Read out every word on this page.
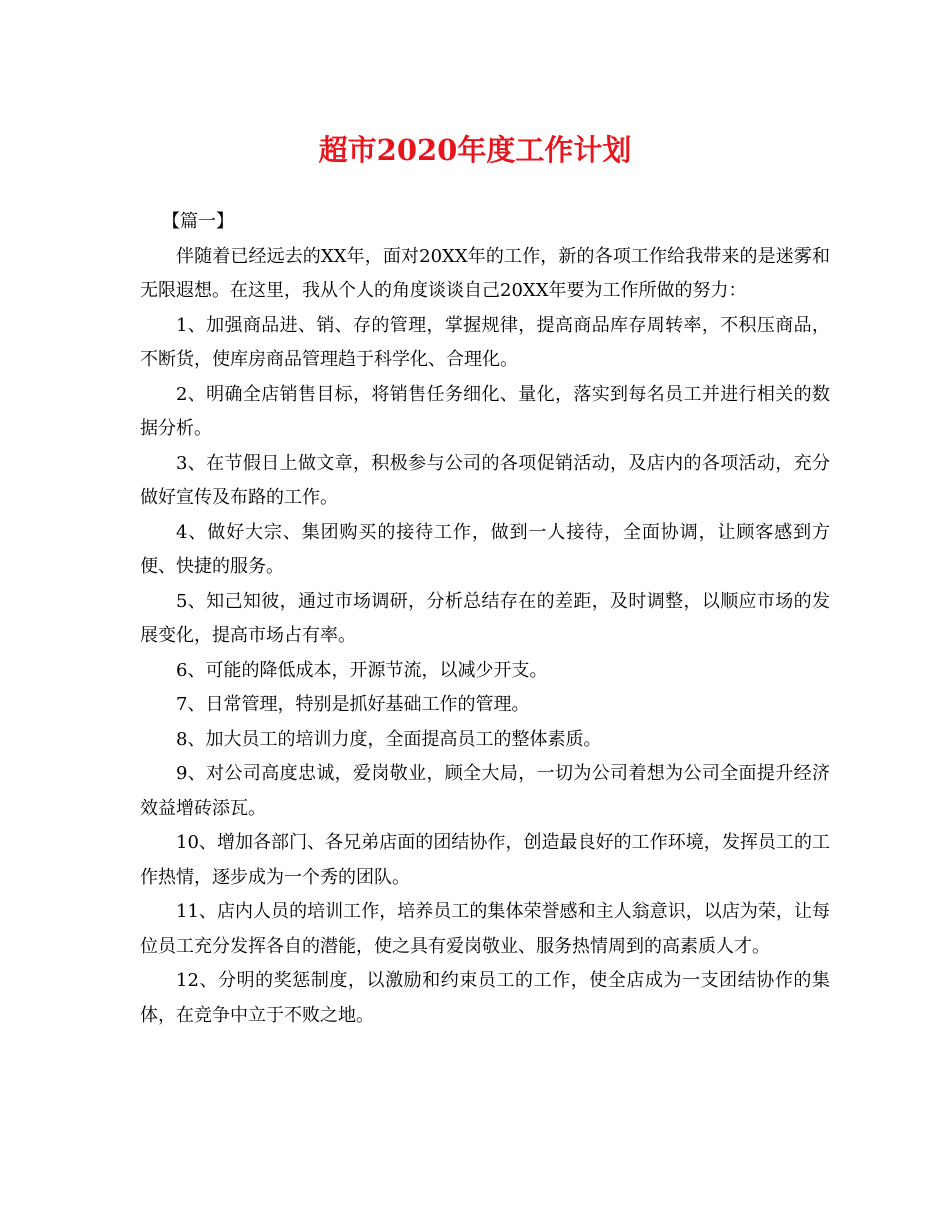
超市2020年度工作计划

【篇一】

伴随着已经远去的XX年，面对20XX年的工作，新的各项工作给我带来的是迷雾和无限遐想。在这里，我从个人的角度谈谈自己20XX年要为工作所做的努力：

1、加强商品进、销、存的管理，掌握规律，提高商品库存周转率，不积压商品，不断货，使库房商品管理趋于科学化、合理化。

2、明确全店销售目标，将销售任务细化、量化，落实到每名员工并进行相关的数据分析。

3、在节假日上做文章，积极参与公司的各项促销活动，及店内的各项活动，充分做好宣传及布路的工作。

4、做好大宗、集团购买的接待工作，做到一人接待，全面协调，让顾客感到方便、快捷的服务。

5、知己知彼，通过市场调研，分析总结存在的差距，及时调整，以顺应市场的发展变化，提高市场占有率。

6、可能的降低成本，开源节流，以减少开支。

7、日常管理，特别是抓好基础工作的管理。

8、加大员工的培训力度，全面提高员工的整体素质。

9、对公司高度忠诚，爱岗敬业，顾全大局，一切为公司着想为公司全面提升经济效益增砖添瓦。

10、增加各部门、各兄弟店面的团结协作，创造最良好的工作环境，发挥员工的工作热情，逐步成为一个秀的团队。

11、店内人员的培训工作，培养员工的集体荣誉感和主人翁意识，以店为荣，让每位员工充分发挥各自的潜能，使之具有爱岗敬业、服务热情周到的高素质人才。

12、分明的奖惩制度，以激励和约束员工的工作，使全店成为一支团结协作的集体，在竞争中立于不败之地。
